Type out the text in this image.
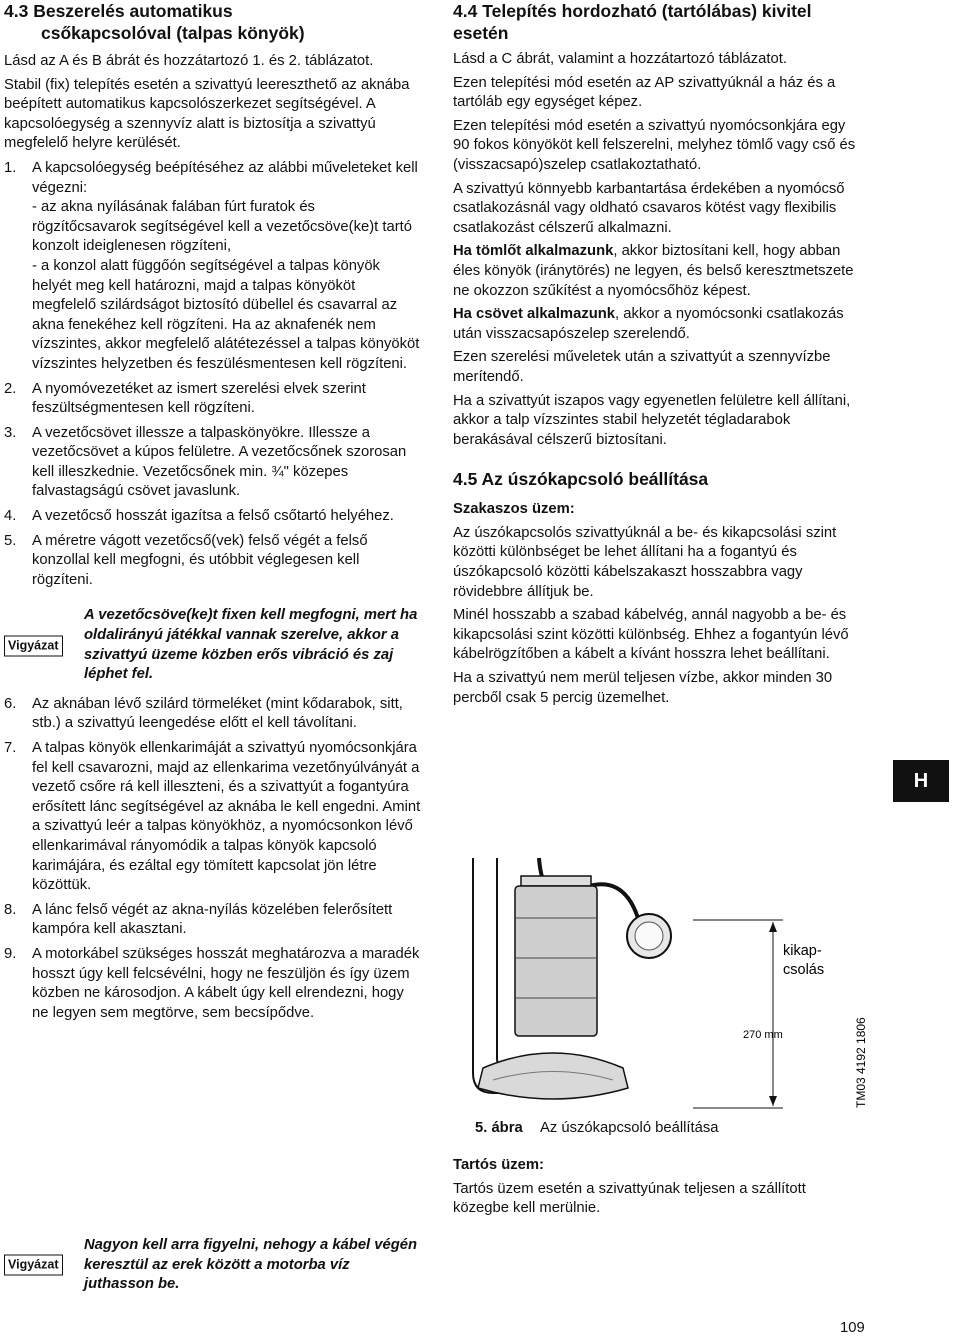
4.3 Beszerelés automatikus
csőkapcsolóval (talpas könyök)

Lásd az A és B ábrát és hozzátartozó 1. és 2. táblázatot.

Stabil (fix) telepítés esetén a szivattyú leereszthető az aknába beépített automatikus kapcsolószerkezet segítségével. A kapcsolóegység a szennyvíz alatt is biztosítja a szivattyú megfelelő helyre kerülését.

1. A kapcsolóegység beépítéséhez az alábbi műveleteket kell végezni:
- az akna nyílásának falában fúrt furatok és rögzítőcsavarok segítségével kell a vezetőcsöve(ke)t tartó konzolt ideiglenesen rögzíteni,
- a konzol alatt függőón segítségével a talpas könyök helyét meg kell határozni, majd a talpas könyököt megfelelő szilárdságot biztosító dübellel és csavarral az akna fenekéhez kell rögzíteni. Ha az aknafenék nem vízszintes, akkor megfelelő alátétezéssel a talpas könyököt vízszintes helyzetben és feszülésmentesen kell rögzíteni.
2. A nyomóvezetéket az ismert szerelési elvek szerint feszültségmentesen kell rögzíteni.
3. A vezetőcsövet illessze a talpaskönyökre. Illessze a vezetőcsövet a kúpos felületre. A vezetőcsőnek szorosan kell illeszkednie. Vezetőcsőnek min. ¾" közepes falvastagságú csövet javaslunk.
4. A vezetőcső hosszát igazítsa a felső csőtartó helyéhez.
5. A méretre vágott vezetőcső(vek) felső végét a felső konzollal kell megfogni, és utóbbit véglegesen kell rögzíteni.
Vigyázat
A vezetőcsöve(ke)t fixen kell megfogni, mert ha oldalirányú játékkal vannak szerelve, akkor a szivattyú üzeme közben erős vibráció és zaj léphet fel.
6. Az aknában lévő szilárd törmeléket (mint kődarabok, sitt, stb.) a szivattyú leengedése előtt el kell távolítani.
7. A talpas könyök ellenkarimáját a szivattyú nyomócsonkjára fel kell csavarozni, majd az ellenkarima vezetőnyúlványát a vezető csőre rá kell illeszteni, és a szivattyút a fogantyúra erősített lánc segítségével az aknába le kell engedni. Amint a szivattyú leér a talpas könyökhöz, a nyomócsonkon lévő ellenkarimával rányomódik a talpas könyök kapcsoló karimájára, és ezáltal egy tömített kapcsolat jön létre közöttük.
8. A lánc felső végét az akna-nyílás közelében felerősített kampóra kell akasztani.
9. A motorkábel szükséges hosszát meghatározva a maradék hosszt úgy kell felcsévélni, hogy ne feszüljön és így üzem közben ne károsodjon. A kábelt úgy kell elrendezni, hogy ne legyen sem megtörve, sem becsípődve.
Vigyázat
Nagyon kell arra figyelni, nehogy a kábel végén keresztül az erek között a motorba víz juthasson be.
4.4 Telepítés hordozható (tartólábas) kivitel
esetén

Lásd a C ábrát, valamint a hozzátartozó táblázatot.

Ezen telepítési mód esetén az AP szivattyúknál a ház és a tartóláb egy egységet képez.

Ezen telepítési mód esetén a szivattyú nyomócsonkjára egy 90 fokos könyököt kell felszerelni, melyhez tömlő vagy cső és (visszacsapó)szelep csatlakoztatható.

A szivattyú könnyebb karbantartása érdekében a nyomócső csatlakozásnál vagy oldható csavaros kötést vagy flexibilis csatlakozást célszerű alkalmazni.

Ha tömlőt alkalmazunk, akkor biztosítani kell, hogy abban éles könyök (iránytörés) ne legyen, és belső keresztmetszete ne okozzon szűkítést a nyomócsőhöz képest.

Ha csövet alkalmazunk, akkor a nyomócsonki csatlakozás után visszacsapószelep szerelendő.

Ezen szerelési műveletek után a szivattyút a szennyvízbe merítendő.

Ha a szivattyút iszapos vagy egyenetlen felületre kell állítani, akkor a talp vízszintes stabil helyzetét tégladarabok berakásával célszerű biztosítani.

4.5 Az úszókapcsoló beállítása
Szakaszos üzem:

Az úszókapcsolós szivattyúknál a be- és kikapcsolási szint közötti különbséget be lehet állítani ha a fogantyú és úszókapcsoló közötti kábelszakaszt hosszabbra vagy rövidebbre állítjuk be.

Minél hosszabb a szabad kábelvég, annál nagyobb a be- és kikapcsolási szint közötti különbség. Ehhez a fogantyún lévő kábelrögzítőben a kábelt a kívánt hosszra lehet beállítani.

Ha a szivattyú nem merül teljesen vízbe, akkor minden 30 percből csak 5 percig üzemelhet.

kikap-
csolás
270 mm	TM03 4192 1806
5. ábra Az úszókapcsoló beállítása
Tartós üzem:

Tartós üzem esetén a szivattyúnak teljesen a szállított közegbe kell merülnie.

H
109
